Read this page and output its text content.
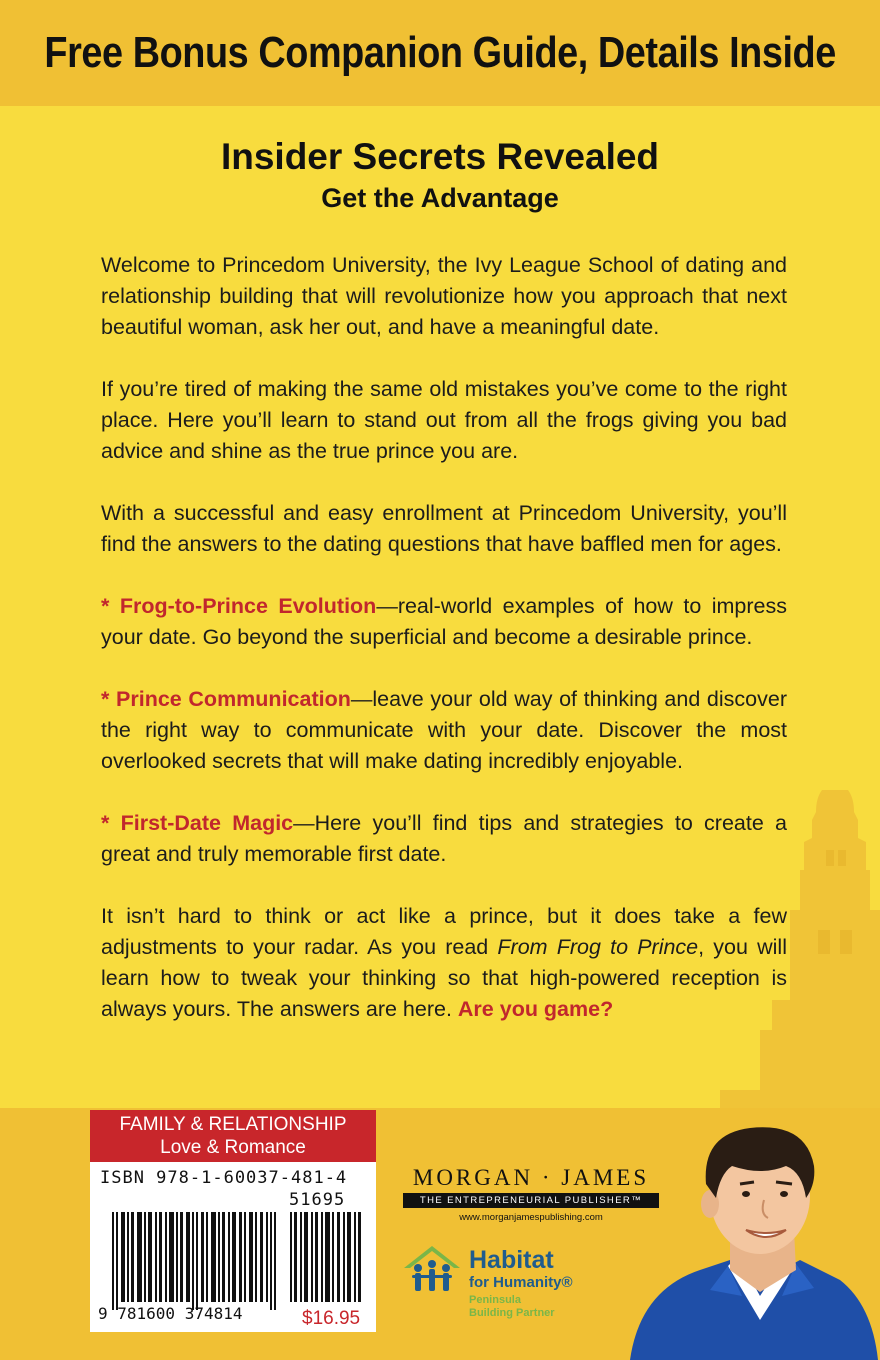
Free Bonus Companion Guide, Details Inside
Insider Secrets Revealed
Get the Advantage

Welcome to Princedom University, the Ivy League School of dating and relationship building that will revolutionize how you approach that next beautiful woman, ask her out, and have a meaningful date.

If you’re tired of making the same old mistakes you’ve come to the right place. Here you’ll learn to stand out from all the frogs giving you bad advice and shine as the true prince you are.

With a successful and easy enrollment at Princedom University, you’ll find the answers to the dating questions that have baffled men for ages.

* Frog-to-Prince Evolution—real-world examples of how to impress your date. Go beyond the superficial and become a desirable prince.

* Prince Communication—leave your old way of thinking and discover the right way to communicate with your date. Discover the most overlooked secrets that will make dating incredibly enjoyable.

* First-Date Magic—Here you’ll find tips and strategies to create a great and truly memorable first date.

It isn’t hard to think or act like a prince, but it does take a few adjustments to your radar. As you read From Frog to Prince, you will learn how to tweak your thinking so that high-powered reception is always yours. The answers are here. Are you game?

FAMILY & RELATIONSHIP
Love & Romance
ISBN 978-1-60037-481-4
51695
9 781600 374814	$16.95
MORGAN · JAMES
THE ENTREPRENEURIAL PUBLISHER™
www.morganjamespublishing.com
Habitat
for Humanity®
Peninsula
Building Partner
